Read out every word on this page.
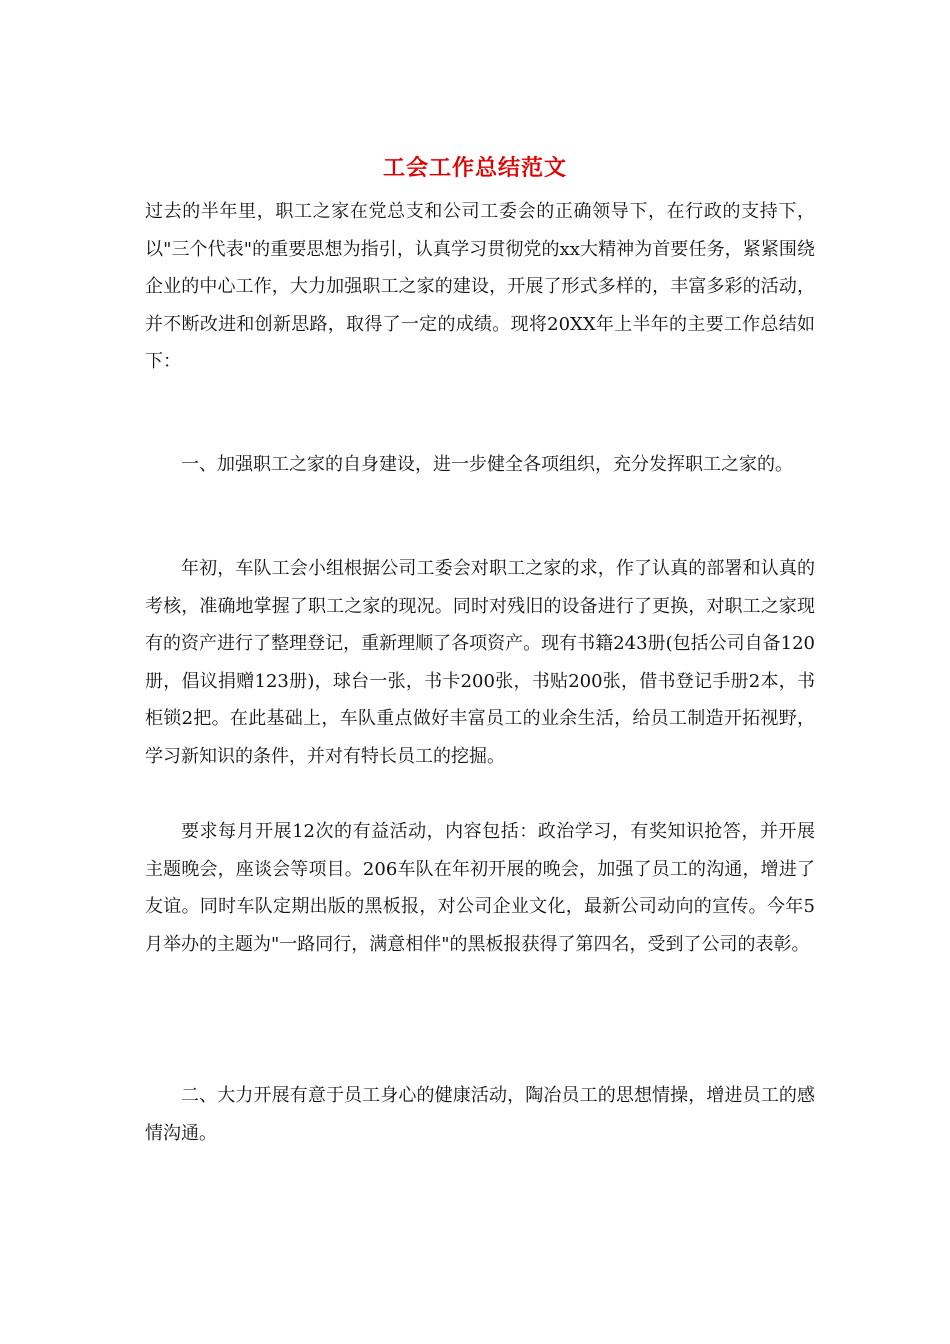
工会工作总结范文

过去的半年里，职工之家在党总支和公司工委会的正确领导下，在行政的支持下，以"三个代表"的重要思想为指引，认真学习贯彻党的xx大精神为首要任务，紧紧围绕企业的中心工作，大力加强职工之家的建设，开展了形式多样的，丰富多彩的活动，并不断改进和创新思路，取得了一定的成绩。现将20XX年上半年的主要工作总结如下：

一、加强职工之家的自身建设，进一步健全各项组织，充分发挥职工之家的。

年初，车队工会小组根据公司工委会对职工之家的求，作了认真的部署和认真的考核，准确地掌握了职工之家的现况。同时对残旧的设备进行了更换，对职工之家现有的资产进行了整理登记，重新理顺了各项资产。现有书籍243册(包括公司自备120册，倡议捐赠123册)，球台一张，书卡200张，书贴200张，借书登记手册2本，书柜锁2把。在此基础上，车队重点做好丰富员工的业余生活，给员工制造开拓视野，学习新知识的条件，并对有特长员工的挖掘。

要求每月开展12次的有益活动，内容包括：政治学习，有奖知识抢答，并开展主题晚会，座谈会等项目。206车队在年初开展的晚会，加强了员工的沟通，增进了友谊。同时车队定期出版的黑板报，对公司企业文化，最新公司动向的宣传。今年5月举办的主题为"一路同行，满意相伴"的黑板报获得了第四名，受到了公司的表彰。

二、大力开展有意于员工身心的健康活动，陶冶员工的思想情操，增进员工的感情沟通。
